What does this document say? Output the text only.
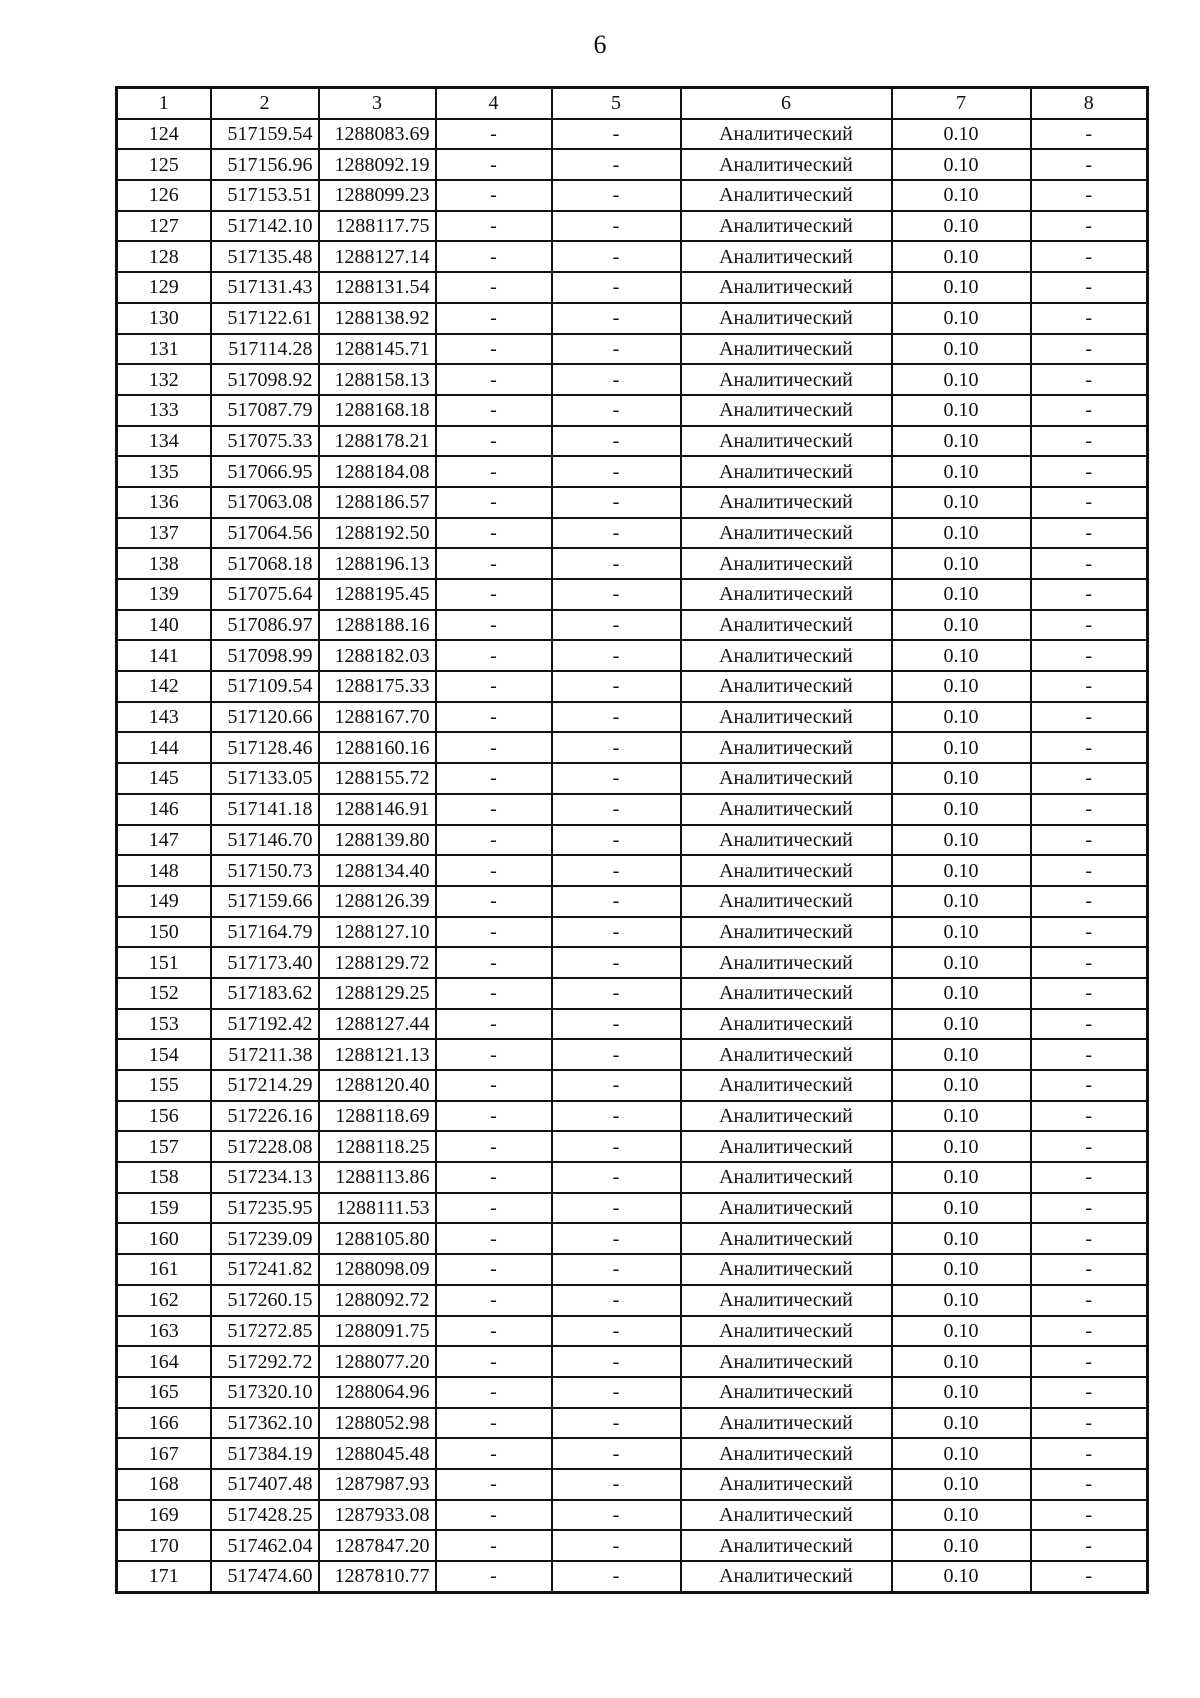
6
1	2	3	4	5	6	7	8
124	517159.54	1288083.69	-	-	Аналитический	0.10	-
125	517156.96	1288092.19	-	-	Аналитический	0.10	-
126	517153.51	1288099.23	-	-	Аналитический	0.10	-
127	517142.10	1288117.75	-	-	Аналитический	0.10	-
128	517135.48	1288127.14	-	-	Аналитический	0.10	-
129	517131.43	1288131.54	-	-	Аналитический	0.10	-
130	517122.61	1288138.92	-	-	Аналитический	0.10	-
131	517114.28	1288145.71	-	-	Аналитический	0.10	-
132	517098.92	1288158.13	-	-	Аналитический	0.10	-
133	517087.79	1288168.18	-	-	Аналитический	0.10	-
134	517075.33	1288178.21	-	-	Аналитический	0.10	-
135	517066.95	1288184.08	-	-	Аналитический	0.10	-
136	517063.08	1288186.57	-	-	Аналитический	0.10	-
137	517064.56	1288192.50	-	-	Аналитический	0.10	-
138	517068.18	1288196.13	-	-	Аналитический	0.10	-
139	517075.64	1288195.45	-	-	Аналитический	0.10	-
140	517086.97	1288188.16	-	-	Аналитический	0.10	-
141	517098.99	1288182.03	-	-	Аналитический	0.10	-
142	517109.54	1288175.33	-	-	Аналитический	0.10	-
143	517120.66	1288167.70	-	-	Аналитический	0.10	-
144	517128.46	1288160.16	-	-	Аналитический	0.10	-
145	517133.05	1288155.72	-	-	Аналитический	0.10	-
146	517141.18	1288146.91	-	-	Аналитический	0.10	-
147	517146.70	1288139.80	-	-	Аналитический	0.10	-
148	517150.73	1288134.40	-	-	Аналитический	0.10	-
149	517159.66	1288126.39	-	-	Аналитический	0.10	-
150	517164.79	1288127.10	-	-	Аналитический	0.10	-
151	517173.40	1288129.72	-	-	Аналитический	0.10	-
152	517183.62	1288129.25	-	-	Аналитический	0.10	-
153	517192.42	1288127.44	-	-	Аналитический	0.10	-
154	517211.38	1288121.13	-	-	Аналитический	0.10	-
155	517214.29	1288120.40	-	-	Аналитический	0.10	-
156	517226.16	1288118.69	-	-	Аналитический	0.10	-
157	517228.08	1288118.25	-	-	Аналитический	0.10	-
158	517234.13	1288113.86	-	-	Аналитический	0.10	-
159	517235.95	1288111.53	-	-	Аналитический	0.10	-
160	517239.09	1288105.80	-	-	Аналитический	0.10	-
161	517241.82	1288098.09	-	-	Аналитический	0.10	-
162	517260.15	1288092.72	-	-	Аналитический	0.10	-
163	517272.85	1288091.75	-	-	Аналитический	0.10	-
164	517292.72	1288077.20	-	-	Аналитический	0.10	-
165	517320.10	1288064.96	-	-	Аналитический	0.10	-
166	517362.10	1288052.98	-	-	Аналитический	0.10	-
167	517384.19	1288045.48	-	-	Аналитический	0.10	-
168	517407.48	1287987.93	-	-	Аналитический	0.10	-
169	517428.25	1287933.08	-	-	Аналитический	0.10	-
170	517462.04	1287847.20	-	-	Аналитический	0.10	-
171	517474.60	1287810.77	-	-	Аналитический	0.10	-
